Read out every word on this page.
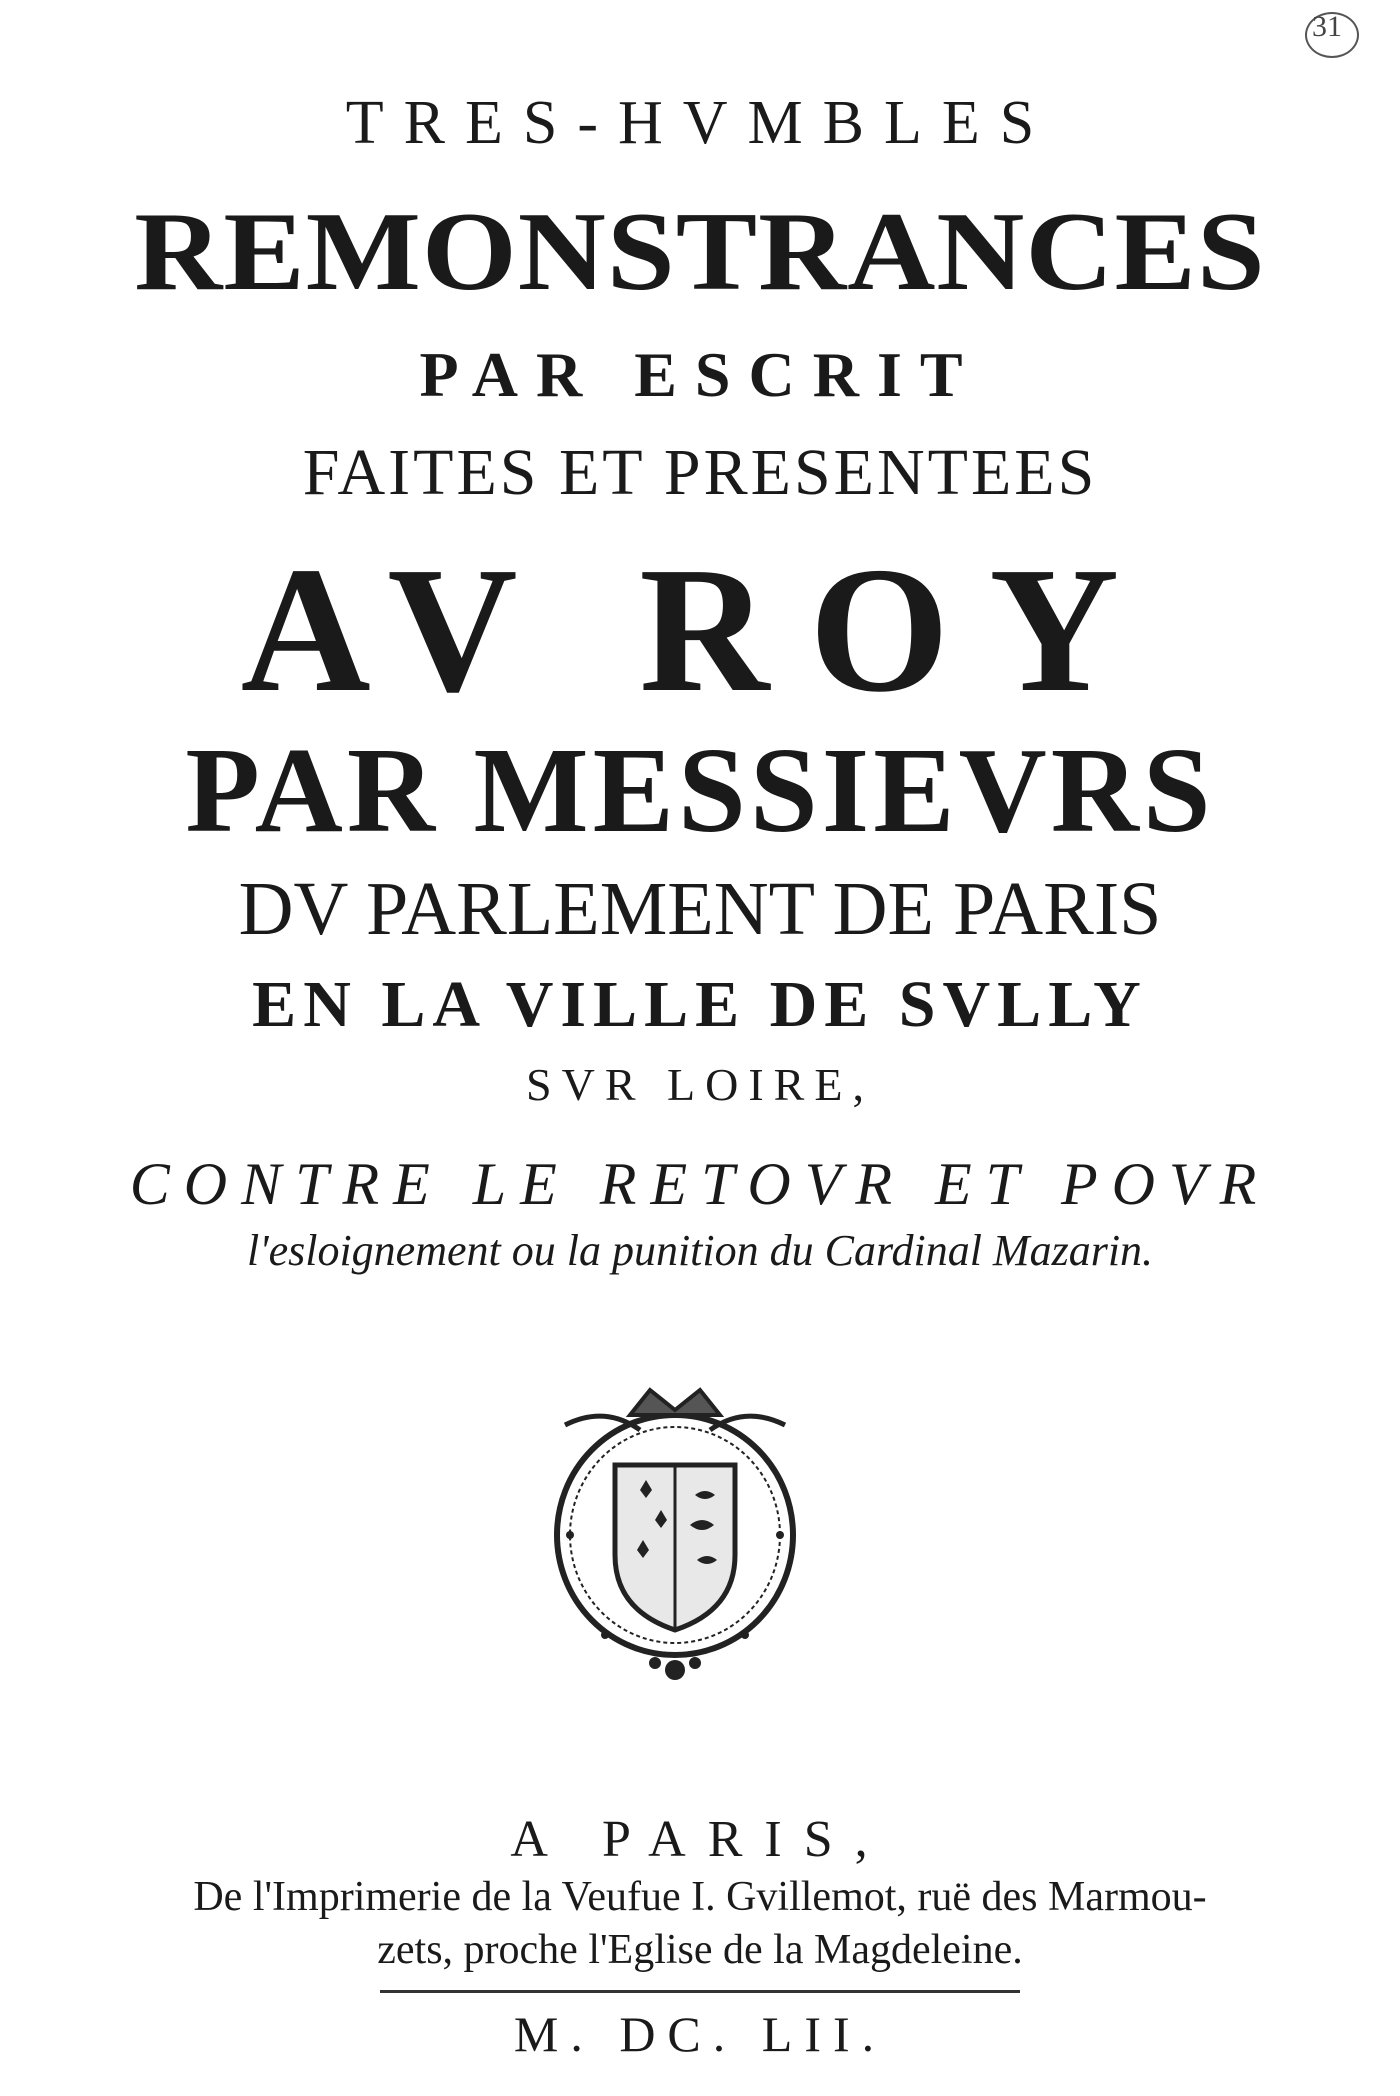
31
TRES-HVMBLES
REMONSTRANCES
PAR ESCRIT
FAITES ET PRESENTEES
AV ROY
PAR MESSIEVRS
DV PARLEMENT DE PARIS
EN LA VILLE DE SVLLY
SVR LOIRE,
CONTRE LE RETOVR ET POVR
l'esloignement ou la punition du Cardinal Mazarin.
A PARIS,
De l'Imprimerie de la Veufue I. Gvillemot, ruë des Marmou-
zets, proche l'Eglise de la Magdeleine.
M. DC. LII.
